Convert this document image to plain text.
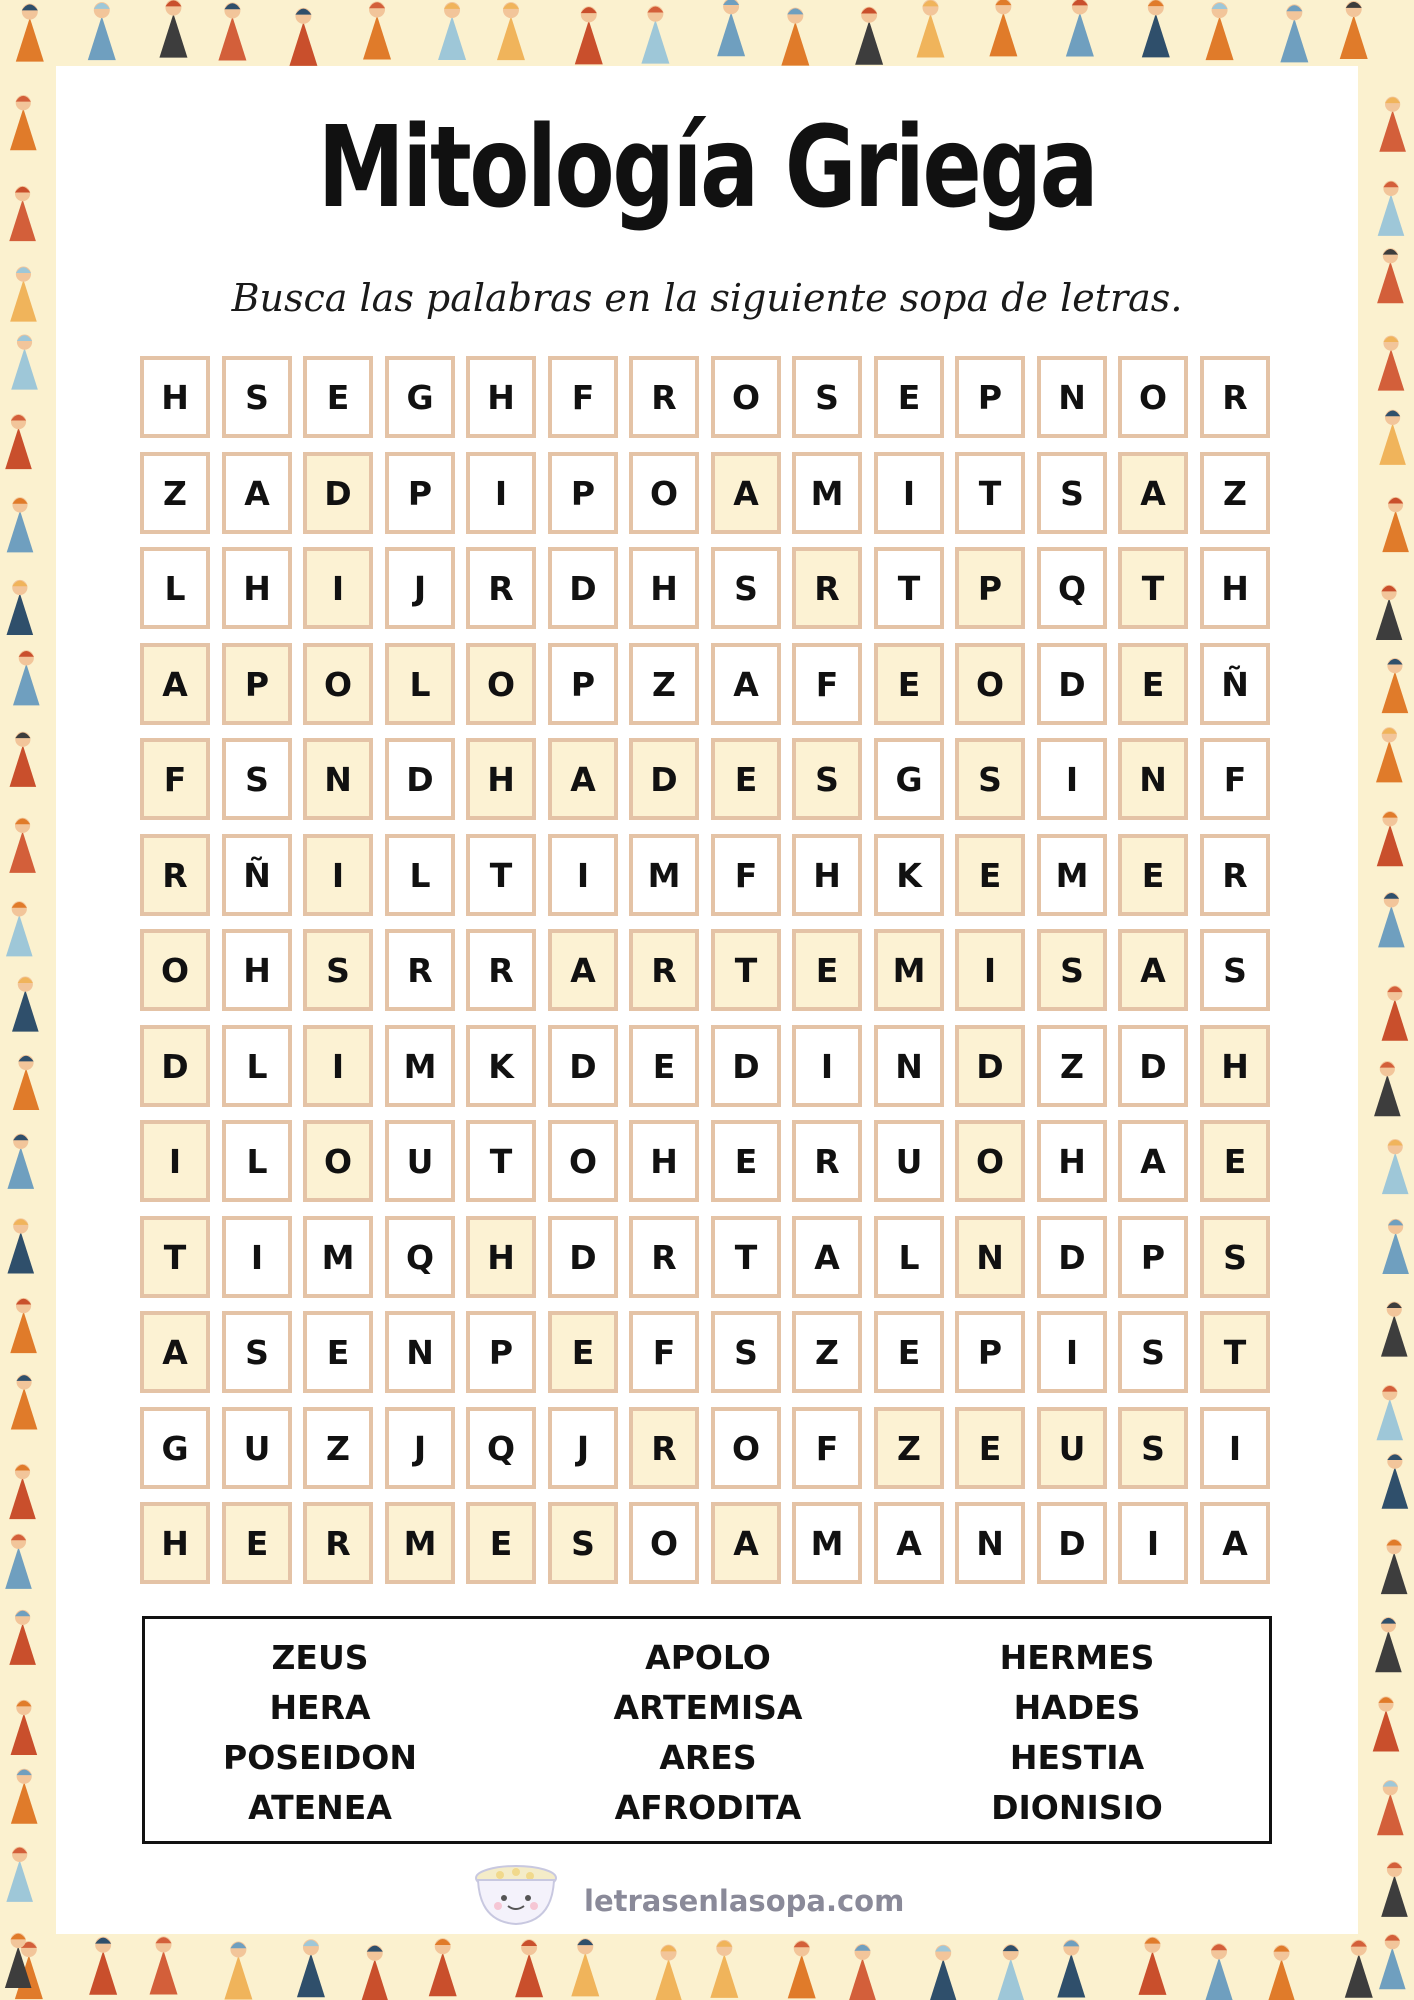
Mitología Griega
Busca las palabras en la siguiente sopa de letras.
H	S	E	G	H	F	R	O	S	E	P	N	O	R
Z	A	D	P	I	P	O	A	M	I	T	S	A	Z
L	H	I	J	R	D	H	S	R	T	P	Q	T	H
A	P	O	L	O	P	Z	A	F	E	O	D	E	Ñ
F	S	N	D	H	A	D	E	S	G	S	I	N	F
R	Ñ	I	L	T	I	M	F	H	K	E	M	E	R
O	H	S	R	R	A	R	T	E	M	I	S	A	S
D	L	I	M	K	D	E	D	I	N	D	Z	D	H
I	L	O	U	T	O	H	E	R	U	O	H	A	E
T	I	M	Q	H	D	R	T	A	L	N	D	P	S
A	S	E	N	P	E	F	S	Z	E	P	I	S	T
G	U	Z	J	Q	J	R	O	F	Z	E	U	S	I
H	E	R	M	E	S	O	A	M	A	N	D	I	A
ZEUS
HERA
POSEIDON
ATENEA
APOLO
ARTEMISA
ARES
AFRODITA
HERMES
HADES
HESTIA
DIONISIO
letrasenlasopa.com
